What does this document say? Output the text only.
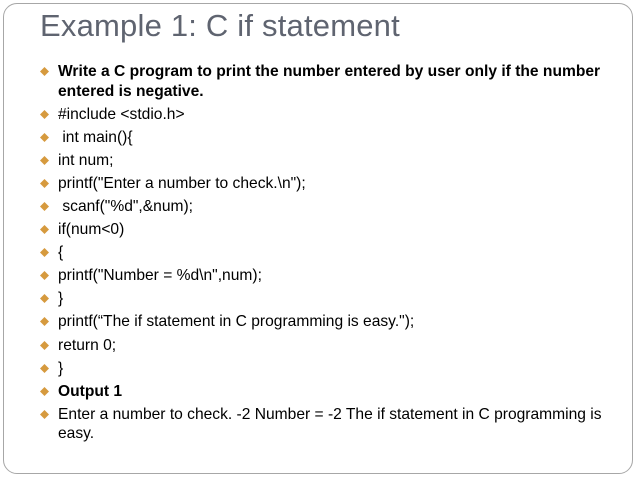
Example 1: C if statement
Write a C program to print the number entered by user only if the number entered is negative.
#include <stdio.h>
int main(){
int num;
printf("Enter a number to check.\n");
scanf("%d",&num);
if(num<0)
{
printf("Number = %d\n",num);
}
printf(“The if statement in C programming is easy.");
return 0;
}
Output 1
Enter a number to check. -2 Number = -2 The if statement in C programming is easy.
